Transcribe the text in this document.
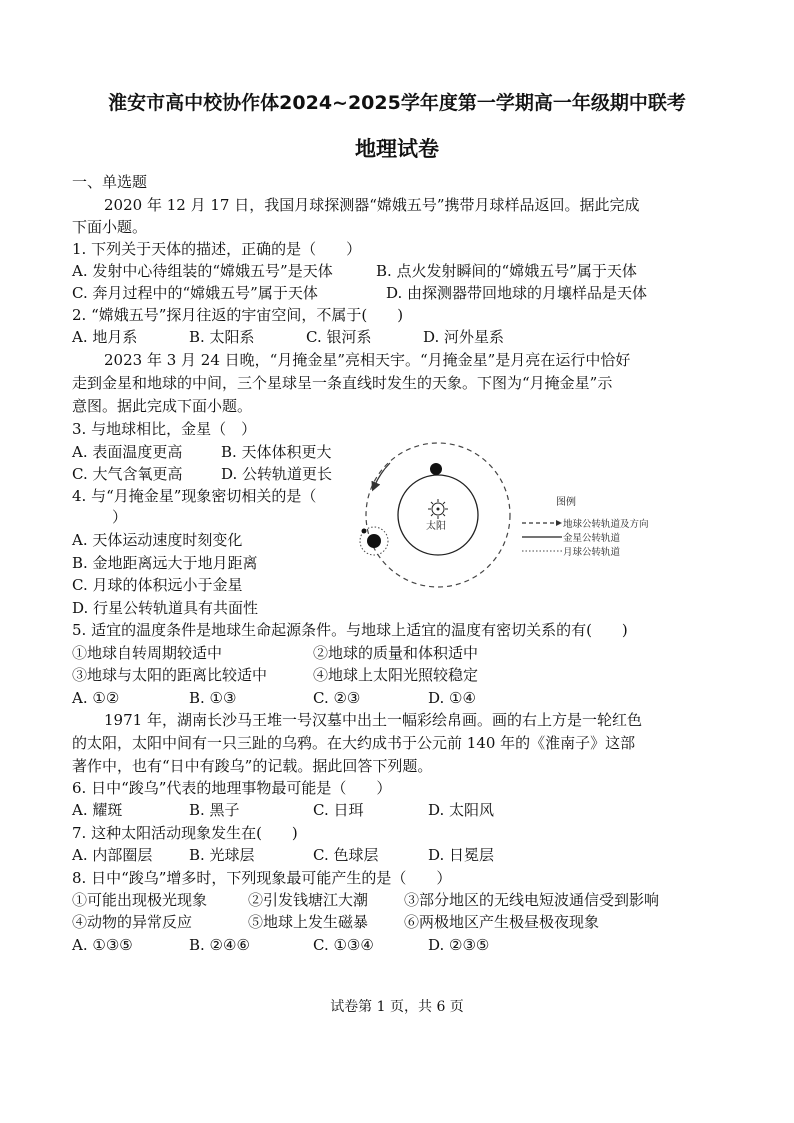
淮安市高中校协作体2024~2025学年度第一学期高一年级期中联考
地理试卷
一、单选题
2020 年 12 月 17 日，我国月球探测器“嫦娥五号”携带月球样品返回。据此完成
下面小题。
1. 下列关于天体的描述，正确的是（　　）
A. 发射中心待组装的“嫦娥五号”是天体	B. 点火发射瞬间的“嫦娥五号”属于天体
C. 奔月过程中的“嫦娥五号”属于天体	D. 由探测器带回地球的月壤样品是天体
2. “嫦娥五号”探月往返的宇宙空间，不属于(　　)
A. 地月系	B. 太阳系	C. 银河系	D. 河外星系
2023 年 3 月 24 日晚，“月掩金星”亮相天宇。“月掩金星”是月亮在运行中恰好
走到金星和地球的中间，三个星球呈一条直线时发生的天象。下图为“月掩金星”示
意图。据此完成下面小题。
3. 与地球相比，金星（　）
A. 表面温度更高	B. 天体体积更大
C. 大气含氧更高	D. 公转轨道更长
4. 与“月掩金星”现象密切相关的是（
）
A. 天体运动速度时刻变化
B. 金地距离远大于地月距离
C. 月球的体积远小于金星
D. 行星公转轨道具有共面性
太阳
图例
地球公转轨道及方向
金星公转轨道
月球公转轨道
5. 适宜的温度条件是地球生命起源条件。与地球上适宜的温度有密切关系的有(　　)
①地球自转周期较适中	②地球的质量和体积适中
③地球与太阳的距离比较适中	④地球上太阳光照较稳定
A. ①②	B. ①③	C. ②③	D. ①④
1971 年，湖南长沙马王堆一号汉墓中出土一幅彩绘帛画。画的右上方是一轮红色
的太阳，太阳中间有一只三趾的乌鸦。在大约成书于公元前 140 年的《淮南子》这部
著作中，也有“日中有踆乌”的记载。据此回答下列题。
6. 日中“踆乌”代表的地理事物最可能是（　　）
A. 耀斑	B. 黑子	C. 日珥	D. 太阳风
7. 这种太阳活动现象发生在(　　)
A. 内部圈层 B. 光球层	C. 色球层	D. 日冕层
8. 日中“踆乌”增多时，下列现象最可能产生的是（　　）
①可能出现极光现象	②引发钱塘江大潮 ③部分地区的无线电短波通信受到影响
④动物的异常反应	⑤地球上发生磁暴 ⑥两极地区产生极昼极夜现象
A. ①③⑤	B. ②④⑥	C. ①③④	D. ②③⑤
试卷第 1 页，共 6 页
